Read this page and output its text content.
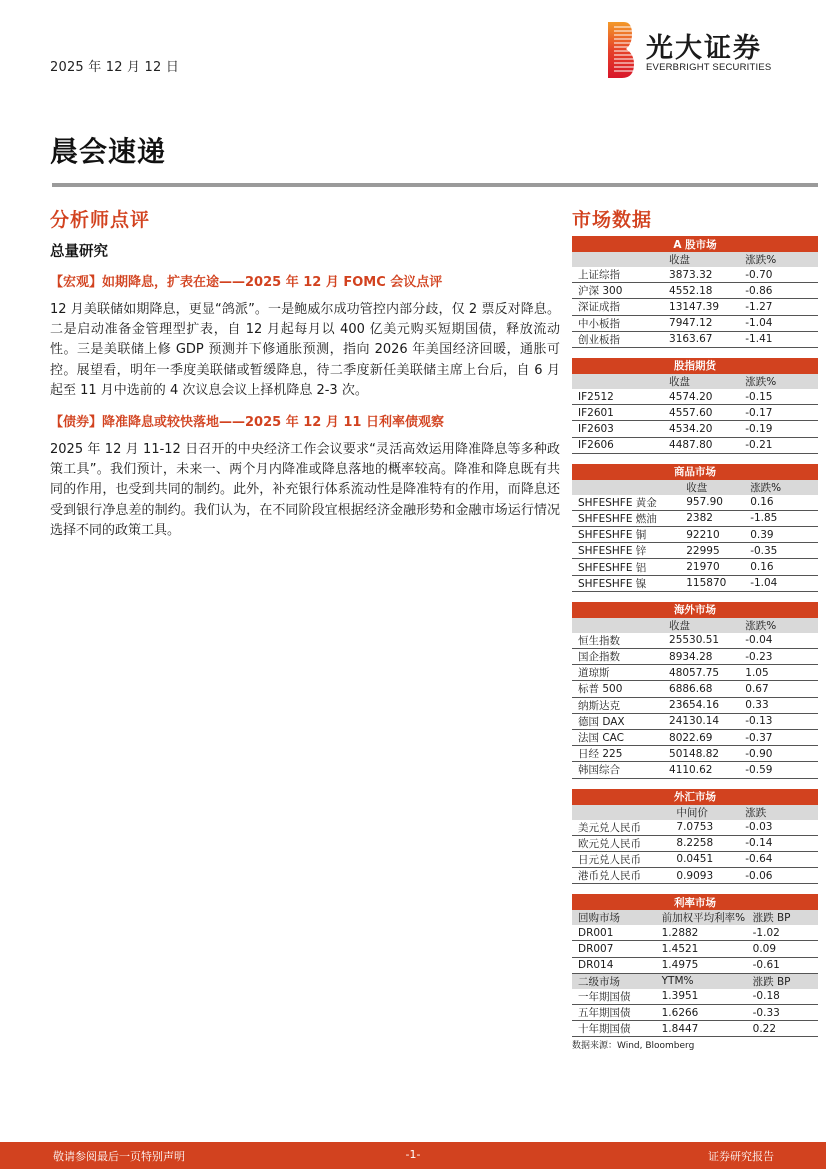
2025 年 12 月 12 日
光大证券
EVERBRIGHT SECURITIES
晨会速递
分析师点评
总量研究
【宏观】如期降息，扩表在途——2025 年 12 月 FOMC 会议点评
12 月美联储如期降息，更显“鸽派”。一是鲍威尔成功管控内部分歧，仅 2 票反对降息。二是启动准备金管理型扩表，自 12 月起每月以 400 亿美元购买短期国债，释放流动性。三是美联储上修 GDP 预测并下修通胀预测，指向 2026 年美国经济回暖，通胀可控。展望看，明年一季度美联储或暂缓降息，待二季度新任美联储主席上台后，自 6 月起至 11 月中选前的 4 次议息会议上择机降息 2-3 次。
【债券】降准降息或较快落地——2025 年 12 月 11 日利率债观察
2025 年 12 月 11-12 日召开的中央经济工作会议要求“灵活高效运用降准降息等多种政策工具”。我们预计，未来一、两个月内降准或降息落地的概率较高。降准和降息既有共同的作用，也受到共同的制约。此外，补充银行体系流动性是降准特有的作用，而降息还受到银行净息差的制约。我们认为，在不同阶段宜根据经济金融形势和金融市场运行情况选择不同的政策工具。
市场数据
A 股市场		
	收盘	涨跌%
上证综指	3873.32	-0.70
沪深 300	4552.18	-0.86
深证成指	13147.39	-1.27
中小板指	7947.12	-1.04
创业板指	3163.67	-1.41
股指期货		
	收盘	涨跌%
IF2512	4574.20	-0.15
IF2601	4557.60	-0.17
IF2603	4534.20	-0.19
IF2606	4487.80	-0.21
商品市场		
	收盘	涨跌%
SHFESHFE 黄金	957.90	0.16
SHFESHFE 燃油	2382	-1.85
SHFESHFE 铜	92210	0.39
SHFESHFE 锌	22995	-0.35
SHFESHFE 铝	21970	0.16
SHFESHFE 镍	115870	-1.04
海外市场		
	收盘	涨跌%
恒生指数	25530.51	-0.04
国企指数	8934.28	-0.23
道琼斯	48057.75	1.05
标普 500	6886.68	0.67
纳斯达克	23654.16	0.33
德国 DAX	24130.14	-0.13
法国 CAC	8022.69	-0.37
日经 225	50148.82	-0.90
韩国综合	4110.62	-0.59
外汇市场		
	中间价	涨跌
美元兑人民币	7.0753	-0.03
欧元兑人民币	8.2258	-0.14
日元兑人民币	0.0451	-0.64
港币兑人民币	0.9093	-0.06
利率市场		
回购市场	前加权平均利率%	涨跌 BP
DR001	1.2882	-1.02
DR007	1.4521	0.09
DR014	1.4975	-0.61
二级市场	YTM%	涨跌 BP
一年期国债	1.3951	-0.18
五年期国债	1.6266	-0.33
十年期国债	1.8447	0.22
数据来源：Wind, Bloomberg
敬请参阅最后一页特别声明	-1-	证券研究报告
